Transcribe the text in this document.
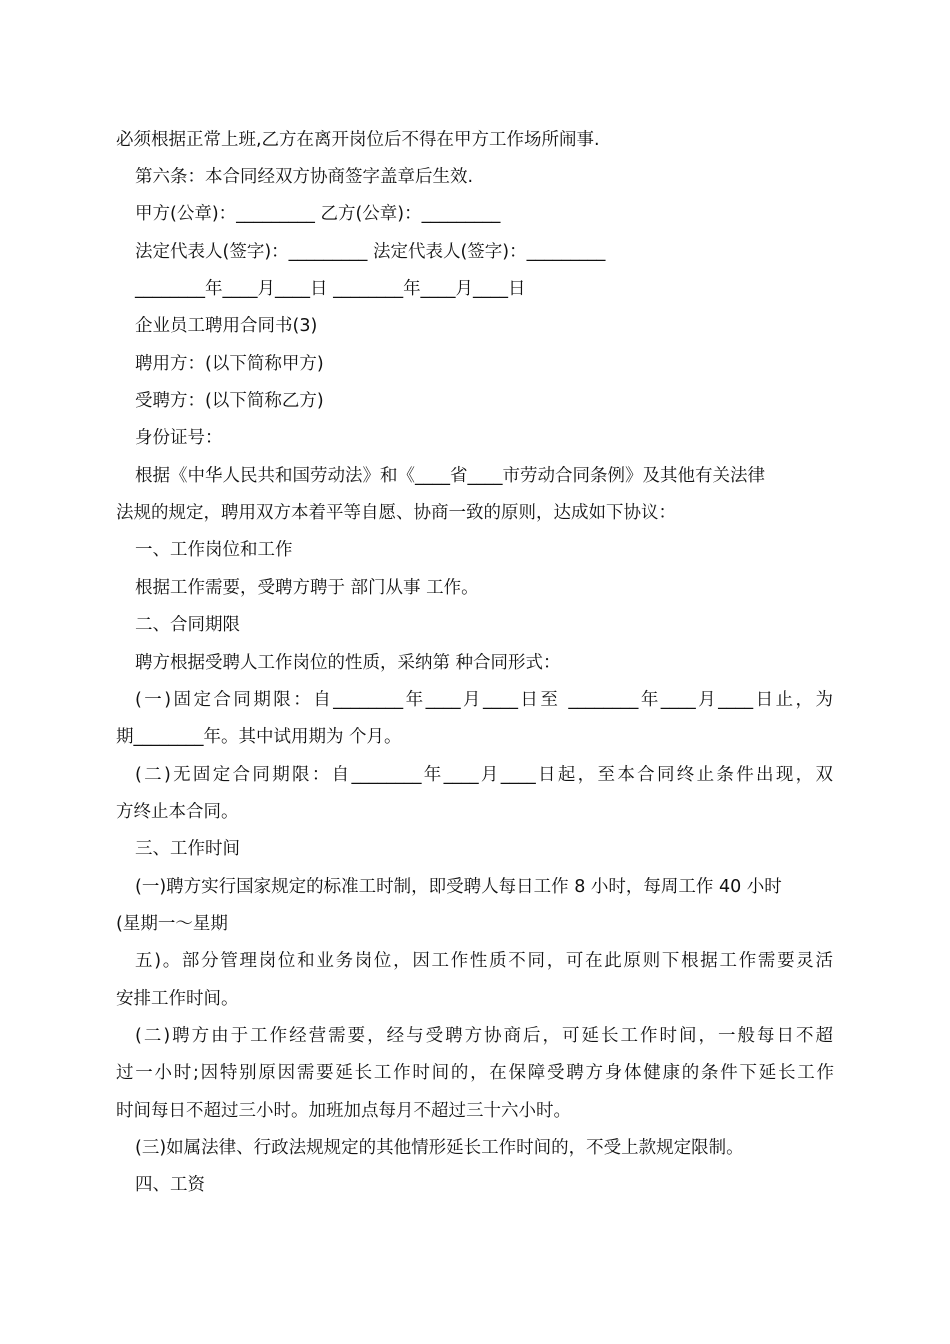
必须根据正常上班,乙方在离开岗位后不得在甲方工作场所闹事.
第六条：本合同经双方协商签字盖章后生效.
甲方(公章)：_________ 乙方(公章)：_________
法定代表人(签字)：_________ 法定代表人(签字)：_________
________年____月____日 ________年____月____日
企业员工聘用合同书(3)
聘用方：(以下简称甲方)
受聘方：(以下简称乙方)
身份证号：
根据《中华人民共和国劳动法》和《____省____市劳动合同条例》及其他有关法律
法规的规定，聘用双方本着平等自愿、协商一致的原则，达成如下协议：
一、工作岗位和工作
根据工作需要，受聘方聘于 部门从事 工作。
二、合同期限
聘方根据受聘人工作岗位的性质，采纳第 种合同形式：
(一)固定合同期限：自________年____月____日至 ________年____月____日止，为
期________年。其中试用期为 个月。
(二)无固定合同期限：自________年____月____日起，至本合同终止条件出现，双
方终止本合同。
三、工作时间
(一)聘方实行国家规定的标准工时制，即受聘人每日工作 8 小时，每周工作 40 小时
(星期一～星期
五)。部分管理岗位和业务岗位，因工作性质不同，可在此原则下根据工作需要灵活
安排工作时间。
(二)聘方由于工作经营需要，经与受聘方协商后，可延长工作时间，一般每日不超
过一小时;因特别原因需要延长工作时间的，在保障受聘方身体健康的条件下延长工作
时间每日不超过三小时。加班加点每月不超过三十六小时。
(三)如属法律、行政法规规定的其他情形延长工作时间的，不受上款规定限制。
四、工资
